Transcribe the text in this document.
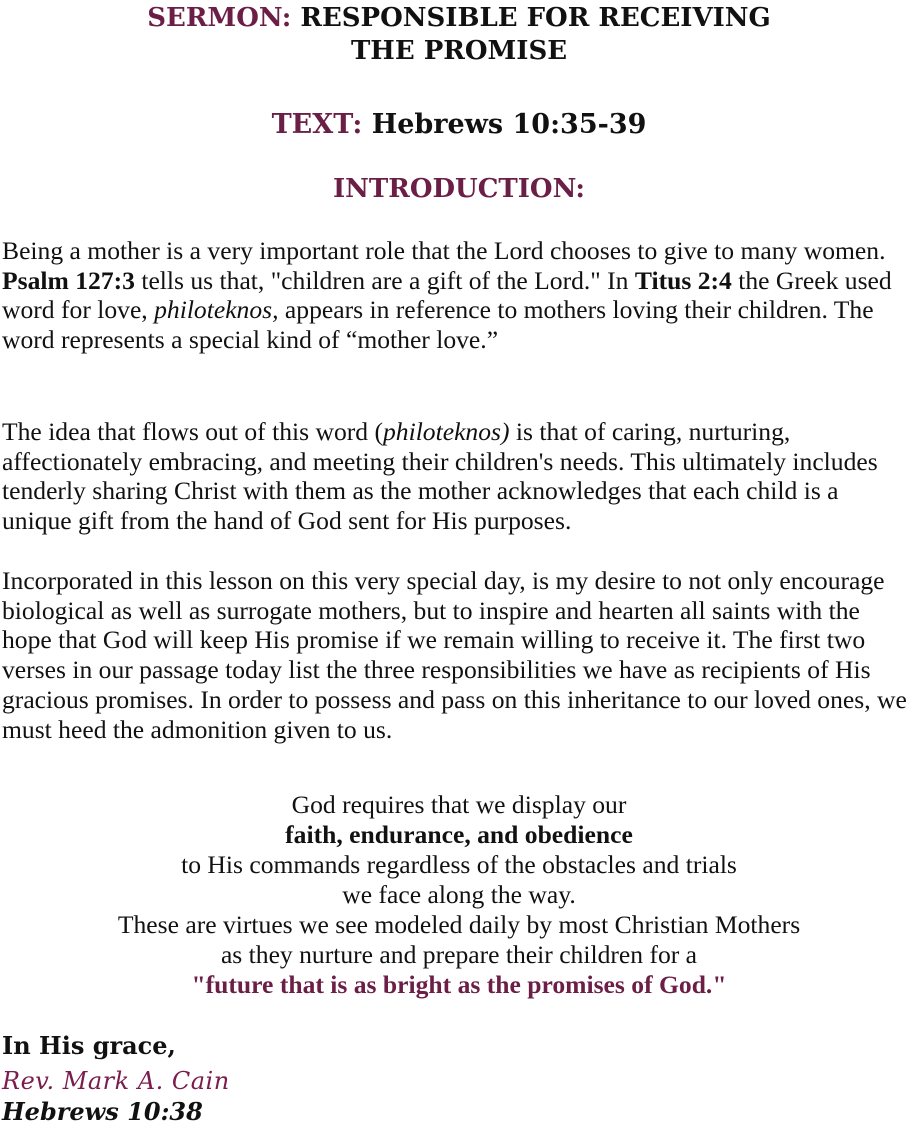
SERMON: RESPONSIBLE FOR RECEIVING
THE PROMISE
TEXT: Hebrews 10:35-39
INTRODUCTION:

Being a mother is a very important role that the Lord chooses to give to many women. Psalm 127:3 tells us that, "children are a gift of the Lord." In Titus 2:4 the Greek used word for love, philoteknos, appears in reference to mothers loving their children. The word represents a special kind of “mother love.”

The idea that flows out of this word (philoteknos) is that of caring, nurturing, affectionately embracing, and meeting their children's needs. This ultimately includes tenderly sharing Christ with them as the mother acknowledges that each child is a unique gift from the hand of God sent for His purposes.

Incorporated in this lesson on this very special day, is my desire to not only encourage biological as well as surrogate mothers, but to inspire and hearten all saints with the hope that God will keep His promise if we remain willing to receive it. The first two verses in our passage today list the three responsibilities we have as recipients of His gracious promises. In order to possess and pass on this inheritance to our loved ones, we must heed the admonition given to us.

God requires that we display our
faith, endurance, and obedience
to His commands regardless of the obstacles and trials
we face along the way.
These are virtues we see modeled daily by most Christian Mothers
as they nurture and prepare their children for a
"future that is as bright as the promises of God."
In His grace,
Rev. Mark A. Cain
Hebrews 10:38
